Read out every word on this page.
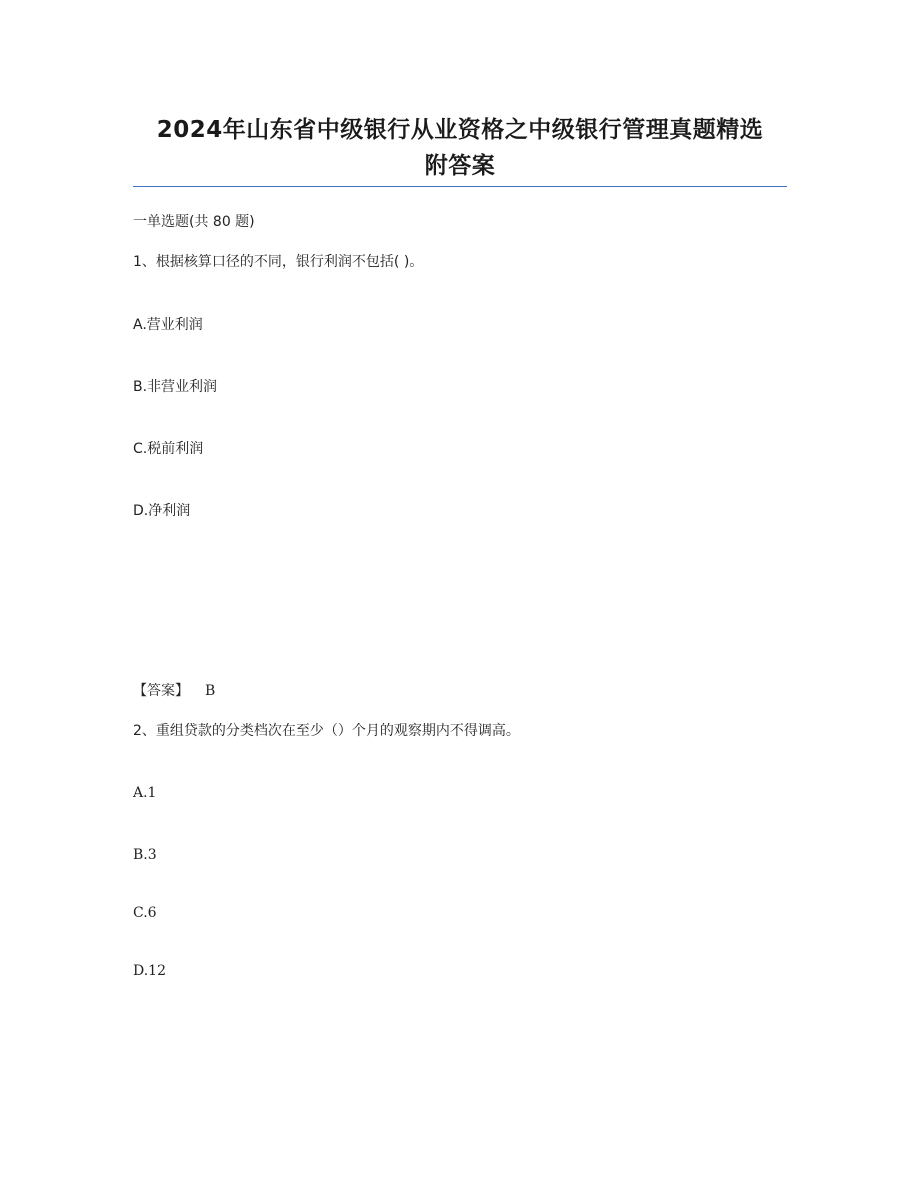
2024年山东省中级银行从业资格之中级银行管理真题精选
附答案

一单选题(共 80 题)

1、根据核算口径的不同，银行利润不包括( )。

A.营业利润

B.非营业利润

C.税前利润

D.净利润

【答案】 B

2、重组贷款的分类档次在至少（）个月的观察期内不得调高。

A.1

B.3

C.6

D.12
